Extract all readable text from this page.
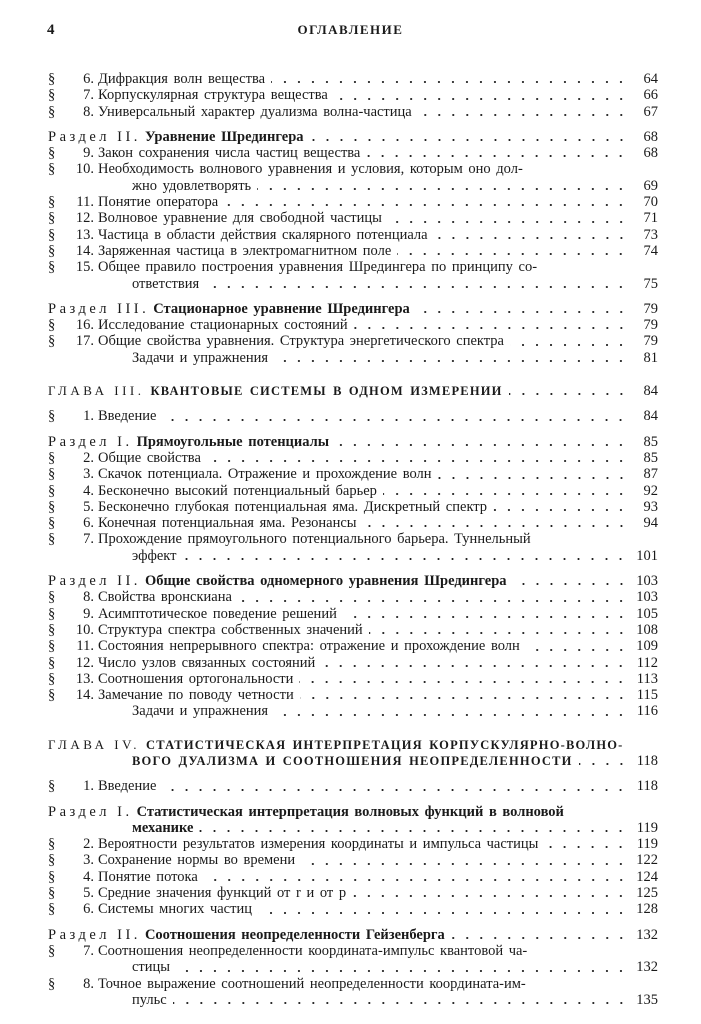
4	ОГЛАВЛЕНИЕ
§	6. Дифракция волн вещества	64
§	7. Корпускулярная структура вещества	66
§	8. Универсальный характер дуализма волна-частица	67
Раздел II. Уравнение Шредингера	68
§	9. Закон сохранения числа частиц вещества	68
§	10. Необходимость волнового уравнения и условия, которым оно дол-
жно удовлетворять	69
§	11. Понятие оператора	70
§	12. Волновое уравнение для свободной частицы	71
§	13. Частица в области действия скалярного потенциала	73
§	14. Заряженная частица в электромагнитном поле	74
§	15. Общее правило построения уравнения Шредингера по принципу со-
ответствия	75
Раздел III. Стационарное уравнение Шредингера	79
§	16. Исследование стационарных состояний	79
§	17. Общие свойства уравнения. Структура энергетического спектра	79
Задачи и упражнения	81
ГЛАВА III. КВАНТОВЫЕ СИСТЕМЫ В ОДНОМ ИЗМЕРЕНИИ	84
§	1. Введение	84
Раздел I. Прямоугольные потенциалы	85
§	2. Общие свойства	85
§	3. Скачок потенциала. Отражение и прохождение волн	87
§	4. Бесконечно высокий потенциальный барьер	92
§	5. Бесконечно глубокая потенциальная яма. Дискретный спектр	93
§	6. Конечная потенциальная яма. Резонансы	94
§	7. Прохождение прямоугольного потенциального барьера. Туннельный
эффект	101
Раздел II. Общие свойства одномерного уравнения Шредингера	103
§	8. Свойства вронскиана	103
§	9. Асимптотическое поведение решений	105
§	10. Структура спектра собственных значений	108
§	11. Состояния непрерывного спектра: отражение и прохождение волн	109
§	12. Число узлов связанных состояний	112
§	13. Соотношения ортогональности	113
§	14. Замечание по поводу четности	115
Задачи и упражнения	116
ГЛАВА IV. СТАТИСТИЧЕСКАЯ ИНТЕРПРЕТАЦИЯ КОРПУСКУЛЯРНО-ВОЛНО-
ВОГО ДУАЛИЗМА И СООТНОШЕНИЯ НЕОПРЕДЕЛЕННОСТИ	118
§	1. Введение	118
Раздел I. Статистическая интерпретация волновых функций в волновой
механике	119
§	2. Вероятности результатов измерения координаты и импульса частицы	119
§	3. Сохранение нормы во времени	122
§	4. Понятие потока	124
§	5. Средние значения функций от r и от p	125
§	6. Системы многих частиц	128
Раздел II. Соотношения неопределенности Гейзенберга	132
§	7. Соотношения неопределенности координата-импульс квантовой ча-
стицы	132
§	8. Точное выражение соотношений неопределенности координата-им-
пульс	135
